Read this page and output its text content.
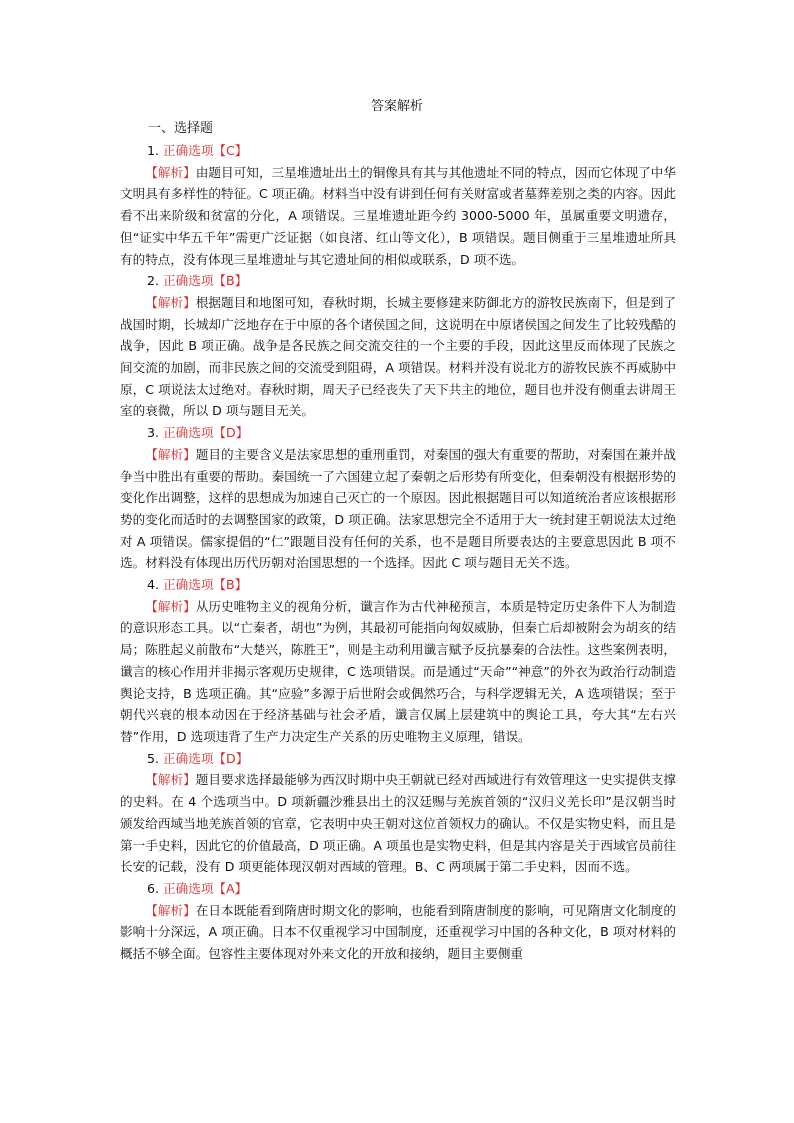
答案解析
一、选择题
1. 正确选项【C】

【解析】由题目可知，三星堆遗址出土的铜像具有其与其他遗址不同的特点，因而它体现了中华文明具有多样性的特征。C 项正确。材料当中没有讲到任何有关财富或者墓葬差别之类的内容。因此看不出来阶级和贫富的分化，A 项错误。三星堆遗址距今约 3000-5000 年，虽属重要文明遗存，但“证实中华五千年”需更广泛证据（如良渚、红山等文化），B 项错误。题目侧重于三星堆遗址所具有的特点，没有体现三星堆遗址与其它遗址间的相似或联系，D 项不选。

2. 正确选项【B】

【解析】根据题目和地图可知，春秋时期，长城主要修建来防御北方的游牧民族南下，但是到了战国时期，长城却广泛地存在于中原的各个诸侯国之间，这说明在中原诸侯国之间发生了比较残酷的战争，因此 B 项正确。战争是各民族之间交流交往的一个主要的手段，因此这里反而体现了民族之间交流的加剧，而非民族之间的交流受到阻碍，A 项错误。材料并没有说北方的游牧民族不再威胁中原，C 项说法太过绝对。春秋时期，周天子已经丧失了天下共主的地位，题目也并没有侧重去讲周王室的衰微，所以 D 项与题目无关。

3. 正确选项【D】

【解析】题目的主要含义是法家思想的重刑重罚，对秦国的强大有重要的帮助，对秦国在兼并战争当中胜出有重要的帮助。秦国统一了六国建立起了秦朝之后形势有所变化，但秦朝没有根据形势的变化作出调整，这样的思想成为加速自己灭亡的一个原因。因此根据题目可以知道统治者应该根据形势的变化而适时的去调整国家的政策，D 项正确。法家思想完全不适用于大一统封建王朝说法太过绝对 A 项错误。儒家提倡的“仁”跟题目没有任何的关系，也不是题目所要表达的主要意思因此 B 项不选。材料没有体现出历代历朝对治国思想的一个选择。因此 C 项与题目无关不选。

4. 正确选项【B】

【解析】从历史唯物主义的视角分析，谶言作为古代神秘预言，本质是特定历史条件下人为制造的意识形态工具。以“亡秦者，胡也”为例，其最初可能指向匈奴威胁，但秦亡后却被附会为胡亥的结局；陈胜起义前散布“大楚兴，陈胜王”，则是主动利用谶言赋予反抗暴秦的合法性。这些案例表明，谶言的核心作用并非揭示客观历史规律，C 选项错误。而是通过“天命”“神意”的外衣为政治行动制造舆论支持，B 选项正确。其“应验”多源于后世附会或偶然巧合，与科学逻辑无关，A 选项错误；至于朝代兴衰的根本动因在于经济基础与社会矛盾，谶言仅属上层建筑中的舆论工具，夸大其“左右兴替”作用，D 选项违背了生产力决定生产关系的历史唯物主义原理，错误。

5. 正确选项【D】

【解析】题目要求选择最能够为西汉时期中央王朝就已经对西域进行有效管理这一史实提供支撑的史料。在 4 个选项当中。D 项新疆沙雅县出土的汉廷赐与羌族首领的“汉归义羌长印”是汉朝当时颁发给西域当地羌族首领的官章，它表明中央王朝对这位首领权力的确认。不仅是实物史料，而且是第一手史料，因此它的价值最高，D 项正确。A 项虽也是实物史料，但是其内容是关于西域官员前往长安的记载，没有 D 项更能体现汉朝对西域的管理。B、C 两项属于第二手史料，因而不选。

6. 正确选项【A】

【解析】在日本既能看到隋唐时期文化的影响，也能看到隋唐制度的影响，可见隋唐文化制度的影响十分深远，A 项正确。日本不仅重视学习中国制度，还重视学习中国的各种文化，B 项对材料的概括不够全面。包容性主要体现对外来文化的开放和接纳，题目主要侧重
